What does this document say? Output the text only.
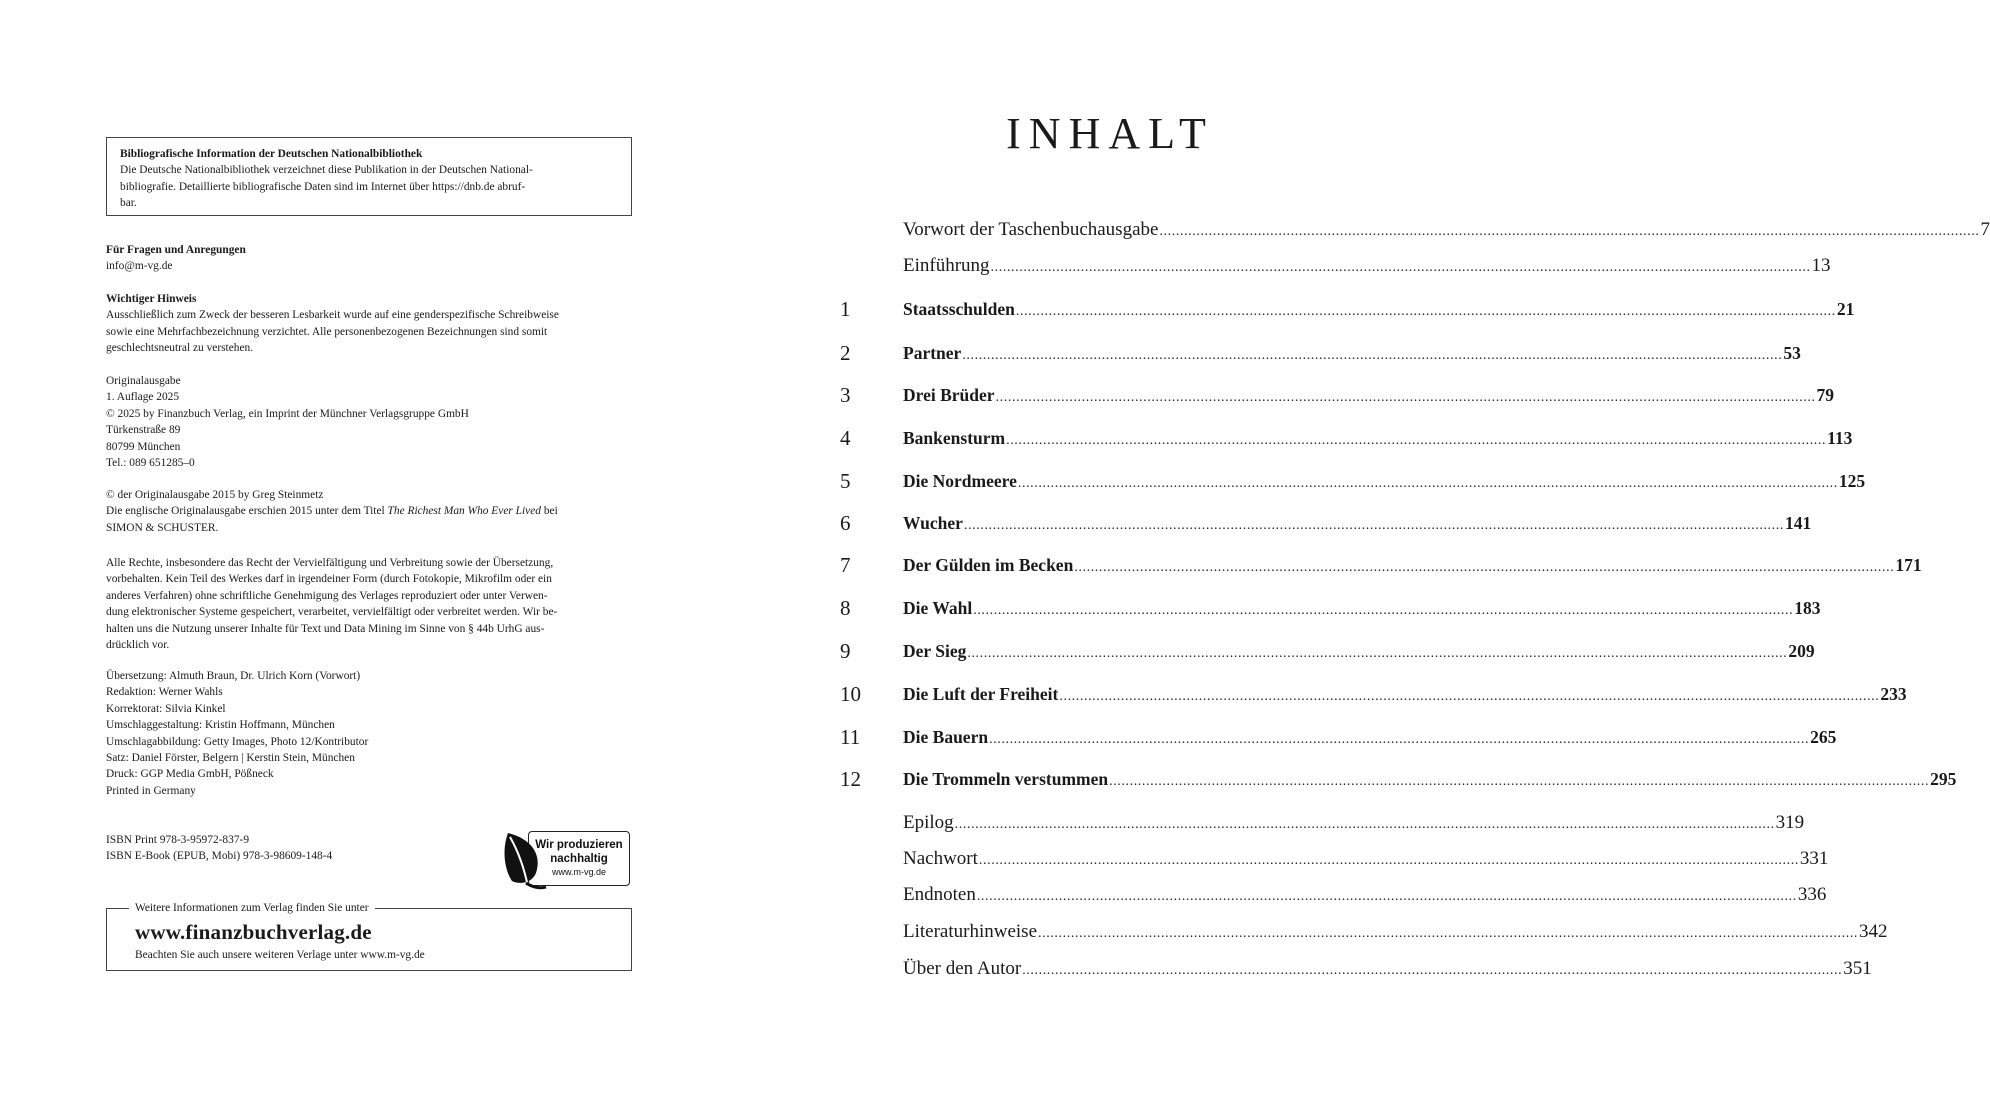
Bibliografische Information der Deutschen Nationalbibliothek
Die Deutsche Nationalbibliothek verzeichnet diese Publikation in der Deutschen National-
bibliografie. Detaillierte bibliografische Daten sind im Internet über https://dnb.de abruf-
bar.
Für Fragen und Anregungen
info@m-vg.de
Wichtiger Hinweis
Ausschließlich zum Zweck der besseren Lesbarkeit wurde auf eine genderspezifische Schreibweise
sowie eine Mehrfachbezeichnung verzichtet. Alle personenbezogenen Bezeichnungen sind somit
geschlechtsneutral zu verstehen.
Originalausgabe
1. Auflage 2025
© 2025 by Finanzbuch Verlag, ein Imprint der Münchner Verlagsgruppe GmbH
Türkenstraße 89
80799 München
Tel.: 089 651285–0
© der Originalausgabe 2015 by Greg Steinmetz
Die englische Originalausgabe erschien 2015 unter dem Titel The Richest Man Who Ever Lived bei
SIMON & SCHUSTER.
Alle Rechte, insbesondere das Recht der Vervielfältigung und Verbreitung sowie der Übersetzung,
vorbehalten. Kein Teil des Werkes darf in irgendeiner Form (durch Fotokopie, Mikrofilm oder ein
anderes Verfahren) ohne schriftliche Genehmigung des Verlages reproduziert oder unter Verwen-
dung elektronischer Systeme gespeichert, verarbeitet, vervielfältigt oder verbreitet werden. Wir be-
halten uns die Nutzung unserer Inhalte für Text und Data Mining im Sinne von § 44b UrhG aus-
drücklich vor.
Übersetzung: Almuth Braun, Dr. Ulrich Korn (Vorwort)
Redaktion: Werner Wahls
Korrektorat: Silvia Kinkel
Umschlaggestaltung: Kristin Hoffmann, München
Umschlagabbildung: Getty Images, Photo 12/Kontributor
Satz: Daniel Förster, Belgern | Kerstin Stein, München
Druck: GGP Media GmbH, Pößneck
Printed in Germany
ISBN Print 978-3-95972-837-9
ISBN E-Book (EPUB, Mobi) 978-3-98609-148-4
Wir produzieren
nachhaltig
www.m-vg.de
Weitere Informationen zum Verlag finden Sie unter
www.finanzbuchverlag.de
Beachten Sie auch unsere weiteren Verlage unter www.m-vg.de
INHALT
Vorwort der Taschenbuchausgabe ........................................................................................................................................................................................................ 7
Einführung ........................................................................................................................................................................................................ 13
1	Staatsschulden ........................................................................................................................................................................................................ 21
2	Partner ........................................................................................................................................................................................................ 53
3	Drei Brüder ........................................................................................................................................................................................................ 79
4	Bankensturm ........................................................................................................................................................................................................ 113
5	Die Nordmeere ........................................................................................................................................................................................................ 125
6	Wucher ........................................................................................................................................................................................................ 141
7	Der Gülden im Becken ........................................................................................................................................................................................................ 171
8	Die Wahl ........................................................................................................................................................................................................ 183
9	Der Sieg ........................................................................................................................................................................................................ 209
10	Die Luft der Freiheit ........................................................................................................................................................................................................ 233
11	Die Bauern ........................................................................................................................................................................................................ 265
12	Die Trommeln verstummen ........................................................................................................................................................................................................ 295
Epilog ........................................................................................................................................................................................................ 319
Nachwort ........................................................................................................................................................................................................ 331
Endnoten ........................................................................................................................................................................................................ 336
Literaturhinweise ........................................................................................................................................................................................................ 342
Über den Autor ........................................................................................................................................................................................................ 351
